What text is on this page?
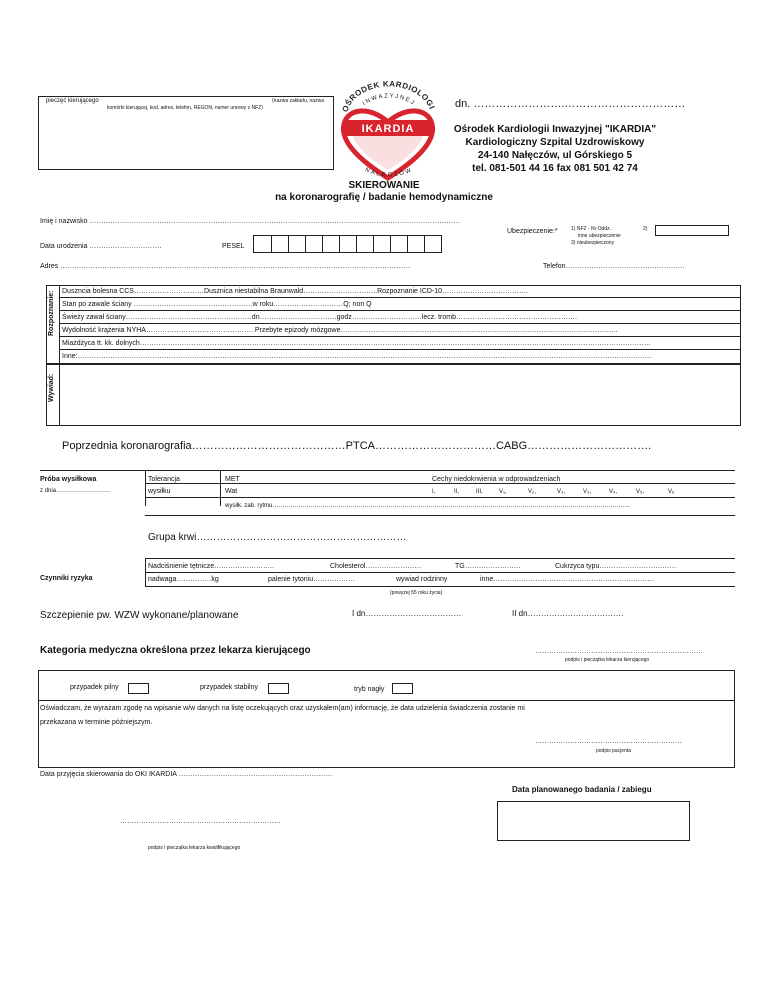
pieczęć kierującego
komórki kierującej, kod, adres, telefon, REGON, numer umowy z NFZ)
(nazwa zakładu, nazwa
OŚRODEK KARDIOLOGI
INWAZYJNEJ
IKARDIA
NAŁĘCZÓW
dn. …………………….……………………………
Ośrodek Kardiologii Inwazyjnej "IKARDIA"
Kardiologiczny Szpital Uzdrowiskowy
24-140 Nałęczów, ul Górskiego 5
tel. 081-501 44 16 fax 081 501 42 74
SKIEROWANIE
na koronarografię / badanie hemodynamiczne
Imię i nazwisko ……………………………………………………………………………………………………………………………………………
Ubezpieczenie:*	1) NFZ - Nr Oddz.
inne ubezpieczenie
3) nieubezpieczony
2)
Data urodzenia ………………………….	PESEL
Adres ……………………………………………………………………………………………………………………………………	Telefon……………………………………………
Rozpoznanie: Duszncia bolesna CCS…………………………Dusznica niestabilna Braunwald…………………………..Rozpoznanie ICD-10……………………………….
Stan po zawale ściany ……………………………………………w roku…………………………Q; non Q
Świeży zawał ściany………………………………………………dn……………………………godz…………………………lecz. tromb…………………………………………….
Wydolność krążenia NYHA………………………………………. Przebyte epizody mózgowe………………………………………………………………………………………………………..
Miażdżyca tt. kk. dolnych…………………………………………………………………………………………………………………………………………………………………………………………………
Inne:…………………………………………………………………………………………………………………………………………………………………………………………………………………………
Wywiad:
Poprzednia koronarografia……………………………………PTCA……………………………CABG…………………………….
Próba wysiłkowa
z dnia………………………
Tolerancja
wysiłku
MET
Wat
Cechy niedokrwienia w odprowadzeniach
I,	II,	III,	V₁,	V₂,	V₃,	V₃,	V₄,	V₅,	V₆
wysiłk. zab. rytmu……………………………………………………………………………………………………………………………………………………………..
Grupa krwi………………………………………………………
Nadciśnienie tętnicze……………………..	Cholesterol……………………	TG……………………	Cukrzyca typu……………………………
Czynniki ryzyka	nadwaga……………kg	palenie tytoniu………………	wywiad rodzinny	inne……………………………………………………………
(powyżej 55 roku życia)
Szczepienie pw. WZW wykonane/planowane	I dn………………………………	II dn………………………………
Kategoria medyczna określona przez lekarza kierującego	………………………………………………………………
podpis i pieczątka lekarza kierującego
przypadek pilny	przypadek stabilny	tryb nagły
Oświadczam, że wyrażam zgodę na wpisanie w/w danych na listę oczekujących oraz uzyskałem(am) informację, że data udzielenia świadczenia zostanie mi
przekazana w terminie późniejszym.
………………………………………………………
podpis pacjenta
Data przyjęcia skierowania do OKI IKARDIA …………………………………………………………
Data planowanego badania / zabiegu
……………………………………………………………
podpis i pieczątka lekarza kwalifikującego
